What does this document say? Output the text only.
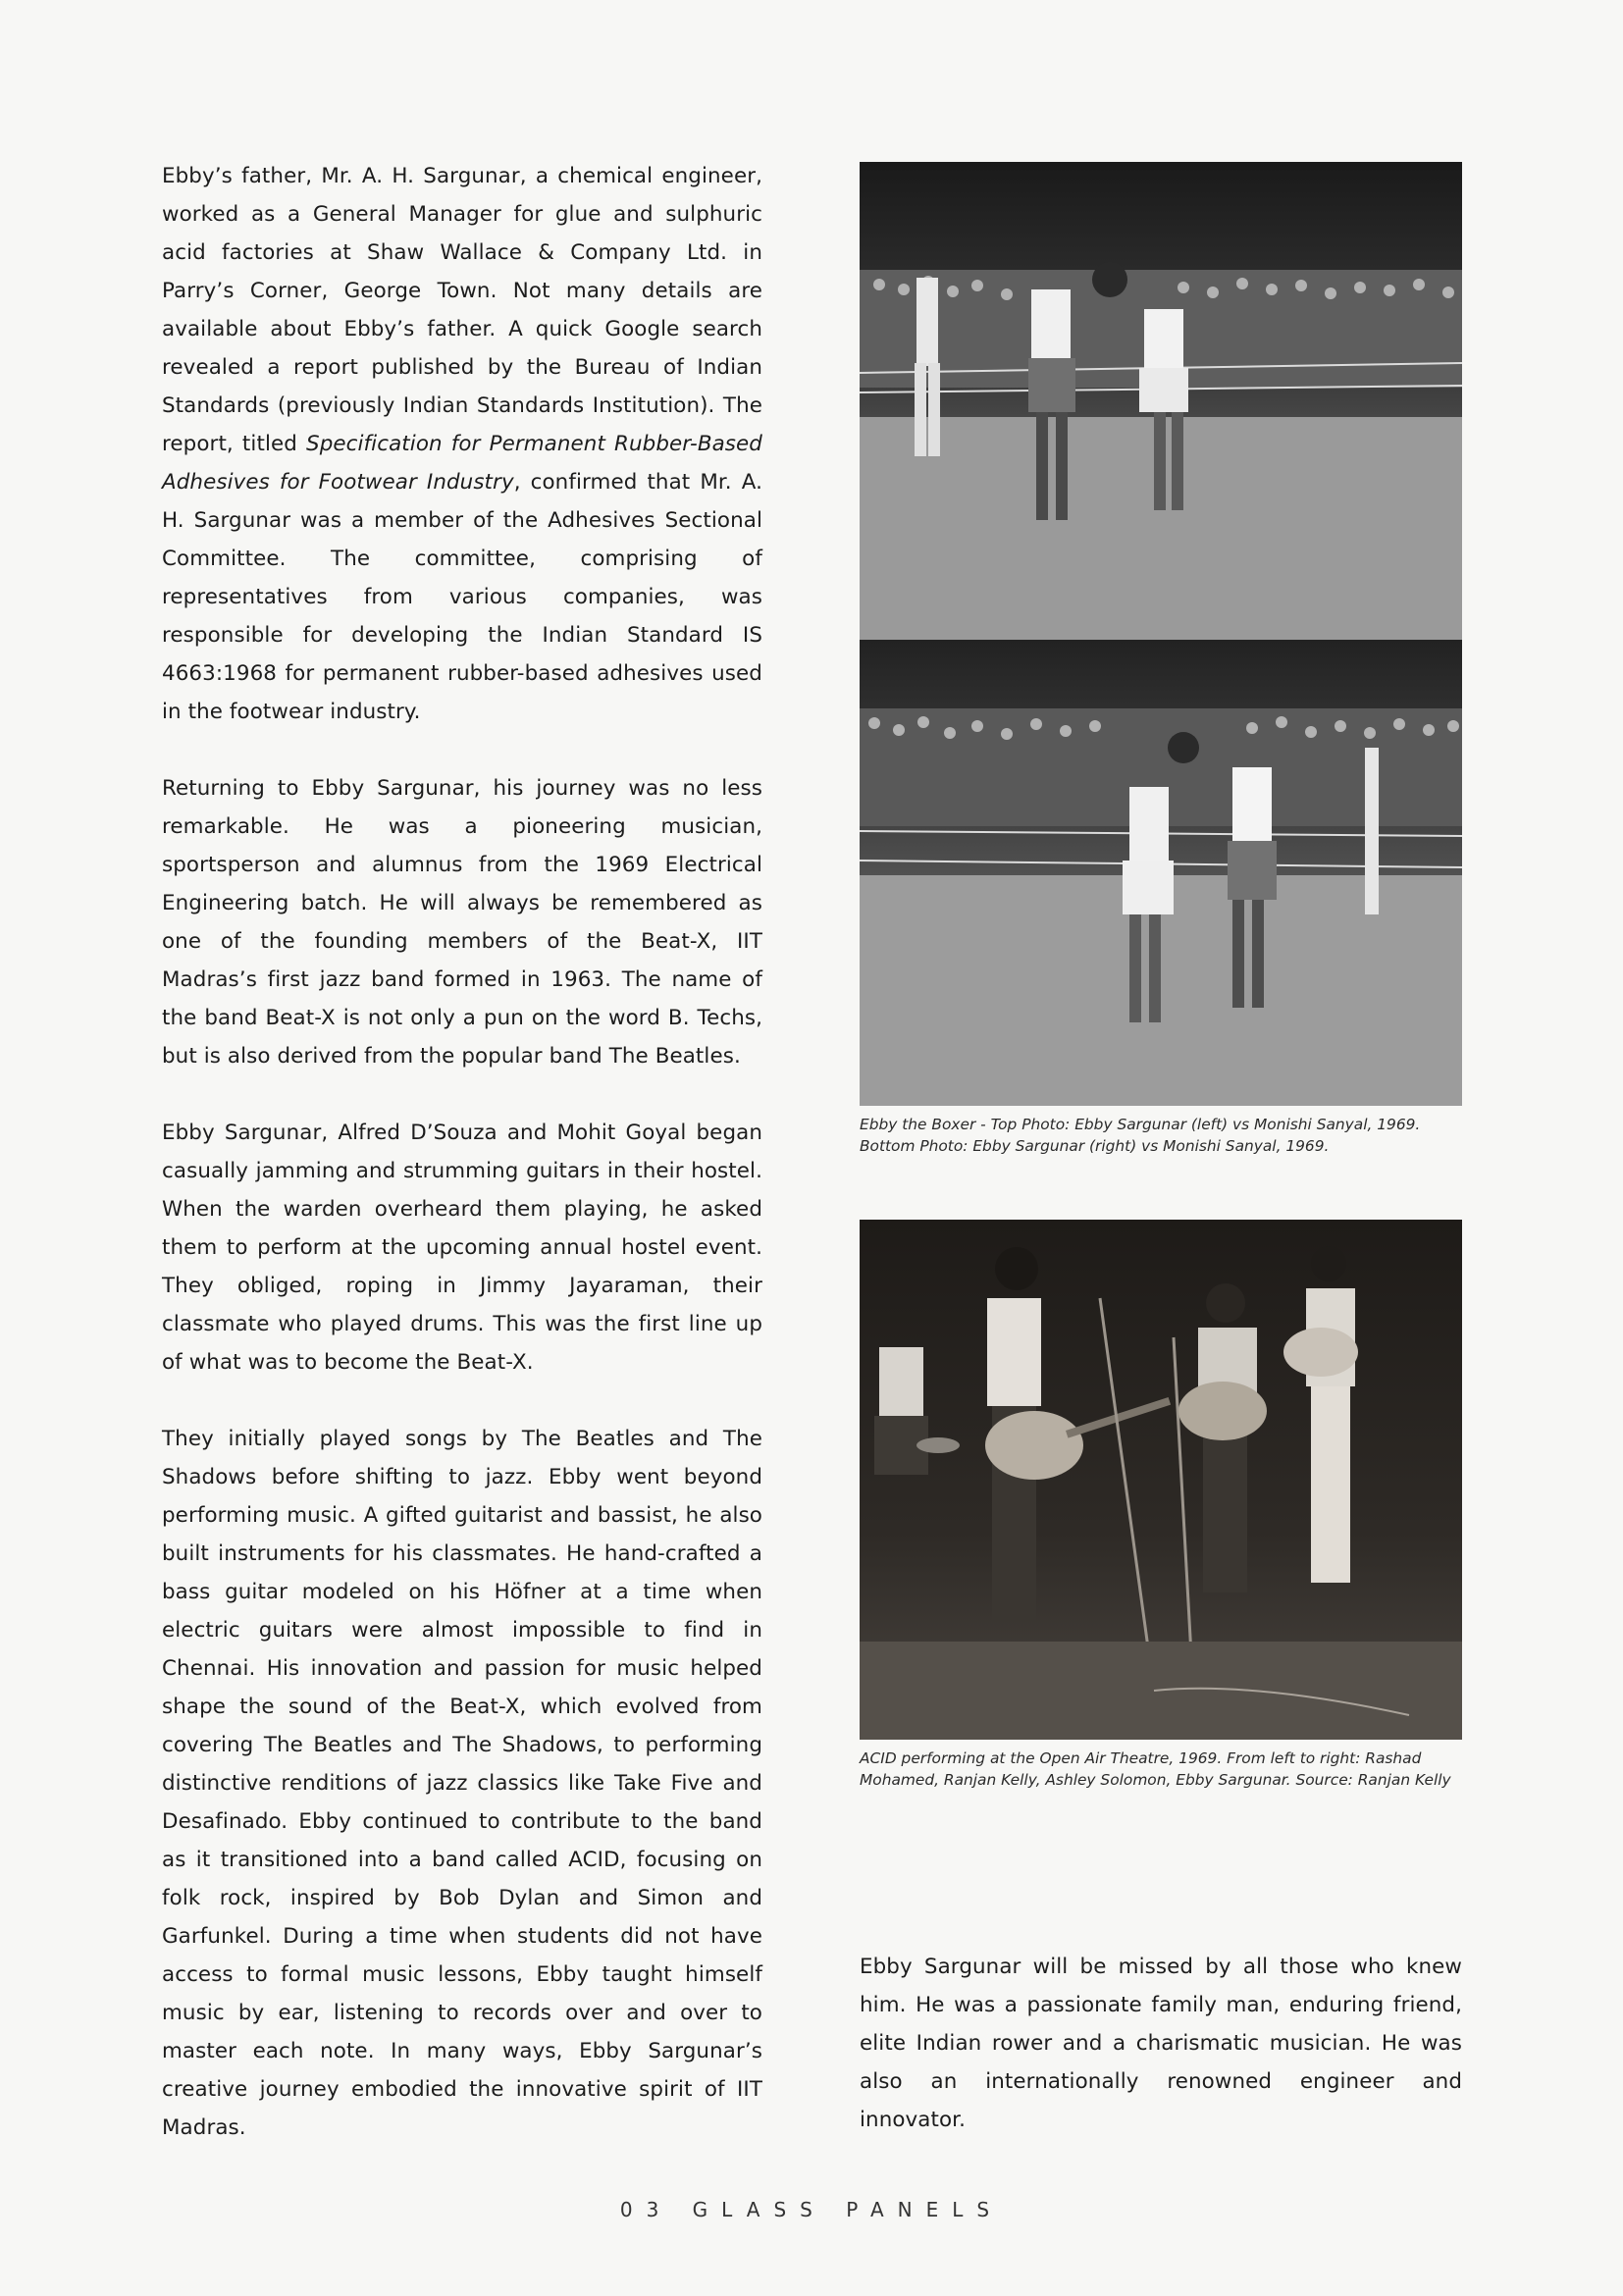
Ebby’s father, Mr. A. H. Sargunar, a chemical engineer, worked as a General Manager for glue and sulphuric acid factories at Shaw Wallace & Company Ltd. in Parry’s Corner, George Town. Not many details are available about Ebby’s father. A quick Google search revealed a report published by the Bureau of Indian Standards (previously Indian Standards Institution). The report, titled Specification for Permanent Rubber-Based Adhesives for Footwear Industry, confirmed that Mr. A. H. Sargunar was a member of the Adhesives Sectional Committee. The committee, comprising of representatives from various companies, was responsible for developing the Indian Standard IS 4663:1968 for permanent rubber-based adhesives used in the footwear industry.

Returning to Ebby Sargunar, his journey was no less remarkable. He was a pioneering musician, sportsperson and alumnus from the 1969 Electrical Engineering batch. He will always be remembered as one of the founding members of the Beat-X, IIT Madras’s first jazz band formed in 1963. The name of the band Beat-X is not only a pun on the word B. Techs, but is also derived from the popular band The Beatles.

Ebby Sargunar, Alfred D’Souza and Mohit Goyal began casually jamming and strumming guitars in their hostel. When the warden overheard them playing, he asked them to perform at the upcoming annual hostel event. They obliged, roping in Jimmy Jayaraman, their classmate who played drums. This was the first line up of what was to become the Beat-X.

They initially played songs by The Beatles and The Shadows before shifting to jazz. Ebby went beyond performing music. A gifted guitarist and bassist, he also built instruments for his classmates. He hand-crafted a bass guitar modeled on his Höfner at a time when electric guitars were almost impossible to find in Chennai. His innovation and passion for music helped shape the sound of the Beat-X, which evolved from covering The Beatles and The Shadows, to performing distinctive renditions of jazz classics like Take Five and Desafinado. Ebby continued to contribute to the band as it transitioned into a band called ACID, focusing on folk rock, inspired by Bob Dylan and Simon and Garfunkel. During a time when students did not have access to formal music lessons, Ebby taught himself music by ear, listening to records over and over to master each note. In many ways, Ebby Sargunar’s creative journey embodied the innovative spirit of IIT Madras.

Ebby the Boxer - Top Photo: Ebby Sargunar (left) vs Monishi Sanyal, 1969. Bottom Photo: Ebby Sargunar (right) vs Monishi Sanyal, 1969.
ACID performing at the Open Air Theatre, 1969. From left to right: Rashad Mohamed, Ranjan Kelly, Ashley Solomon, Ebby Sargunar. Source: Ranjan Kelly

Ebby Sargunar will be missed by all those who knew him. He was a passionate family man, enduring friend, elite Indian rower and a charismatic musician. He was also an internationally renowned engineer and innovator.

03 GLASS PANELS
